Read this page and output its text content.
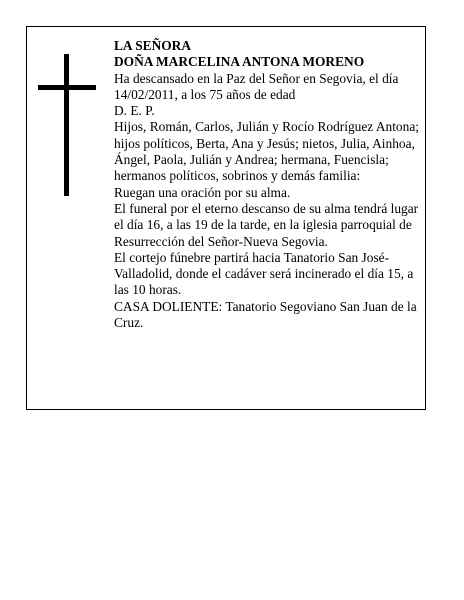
LA SEÑORA

DOÑA MARCELINA ANTONA MORENO

Ha descansado en la Paz del Señor en Segovia, el día 14/02/2011, a los 75 años de edad

D. E. P.

Hijos, Román, Carlos, Julián y Rocío Rodríguez Antona; hijos políticos, Berta, Ana y Jesús; nietos, Julia, Ainhoa, Ángel, Paola, Julián y Andrea; hermana, Fuencisla; hermanos políticos, sobrinos y demás familia:

Ruegan una oración por su alma.

El funeral por el eterno descanso de su alma tendrá lugar el día 16, a las 19 de la tarde, en la iglesia parroquial de Resurrección del Señor-Nueva Segovia.

El cortejo fúnebre partirá hacia Tanatorio San José-Valladolid, donde el cadáver será incinerado el día 15, a las 10 horas.

CASA DOLIENTE: Tanatorio Segoviano San Juan de la Cruz.
